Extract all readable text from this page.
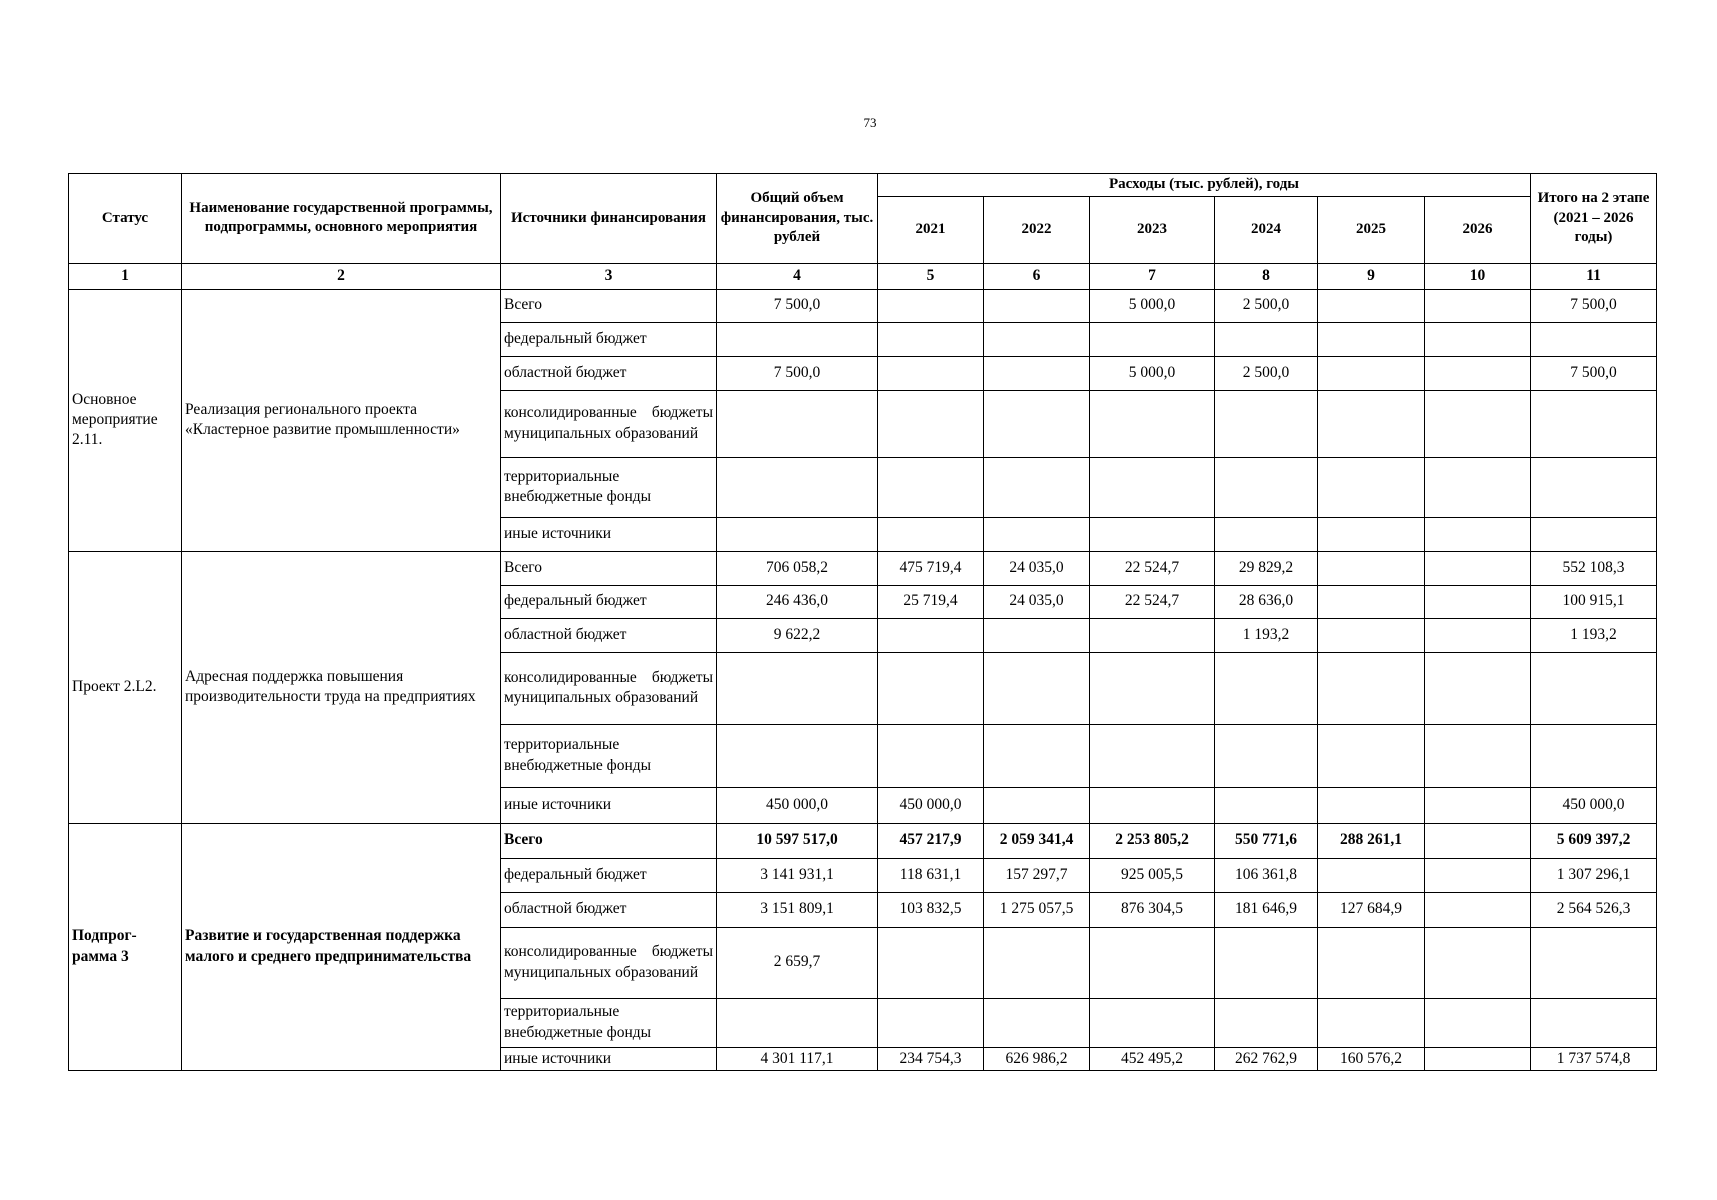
73
Статус	Наименование государственной программы, подпрограммы, основного мероприятия	Источники финансирования	Общий объем финансирования, тыс. рублей	Расходы (тыс. рублей), годы						Итого на 2 этапе (2021 – 2026 годы)
				2021	2022	2023	2024	2025	2026	
1	2	3	4	5	6	7	8	9	10	11
Основное мероприятие 2.11.	Реализация регионального проекта «Кластерное развитие промышленности»	Всего	7 500,0			5 000,0	2 500,0			7 500,0
		федеральный бюджет								
		областной бюджет	7 500,0			5 000,0	2 500,0			7 500,0
		консолидированные бюджеты муниципальных образований								
		территориальные внебюджетные фонды								
		иные источники								
Проект 2.L2.	Адресная поддержка повышения производительности труда на предприятиях	Всего	706 058,2	475 719,4	24 035,0	22 524,7	29 829,2			552 108,3
		федеральный бюджет	246 436,0	25 719,4	24 035,0	22 524,7	28 636,0			100 915,1
		областной бюджет	9 622,2				1 193,2			1 193,2
		консолидированные бюджеты муниципальных образований								
		территориальные внебюджетные фонды								
		иные источники	450 000,0	450 000,0						450 000,0
Подпрог-рамма 3	Развитие и государственная поддержка малого и среднего предпринимательства	Всего	10 597 517,0	457 217,9	2 059 341,4	2 253 805,2	550 771,6	288 261,1		5 609 397,2
		федеральный бюджет	3 141 931,1	118 631,1	157 297,7	925 005,5	106 361,8			1 307 296,1
		областной бюджет	3 151 809,1	103 832,5	1 275 057,5	876 304,5	181 646,9	127 684,9		2 564 526,3
		консолидированные бюджеты муниципальных образований	2 659,7							
		территориальные внебюджетные фонды								
		иные источники	4 301 117,1	234 754,3	626 986,2	452 495,2	262 762,9	160 576,2		1 737 574,8
